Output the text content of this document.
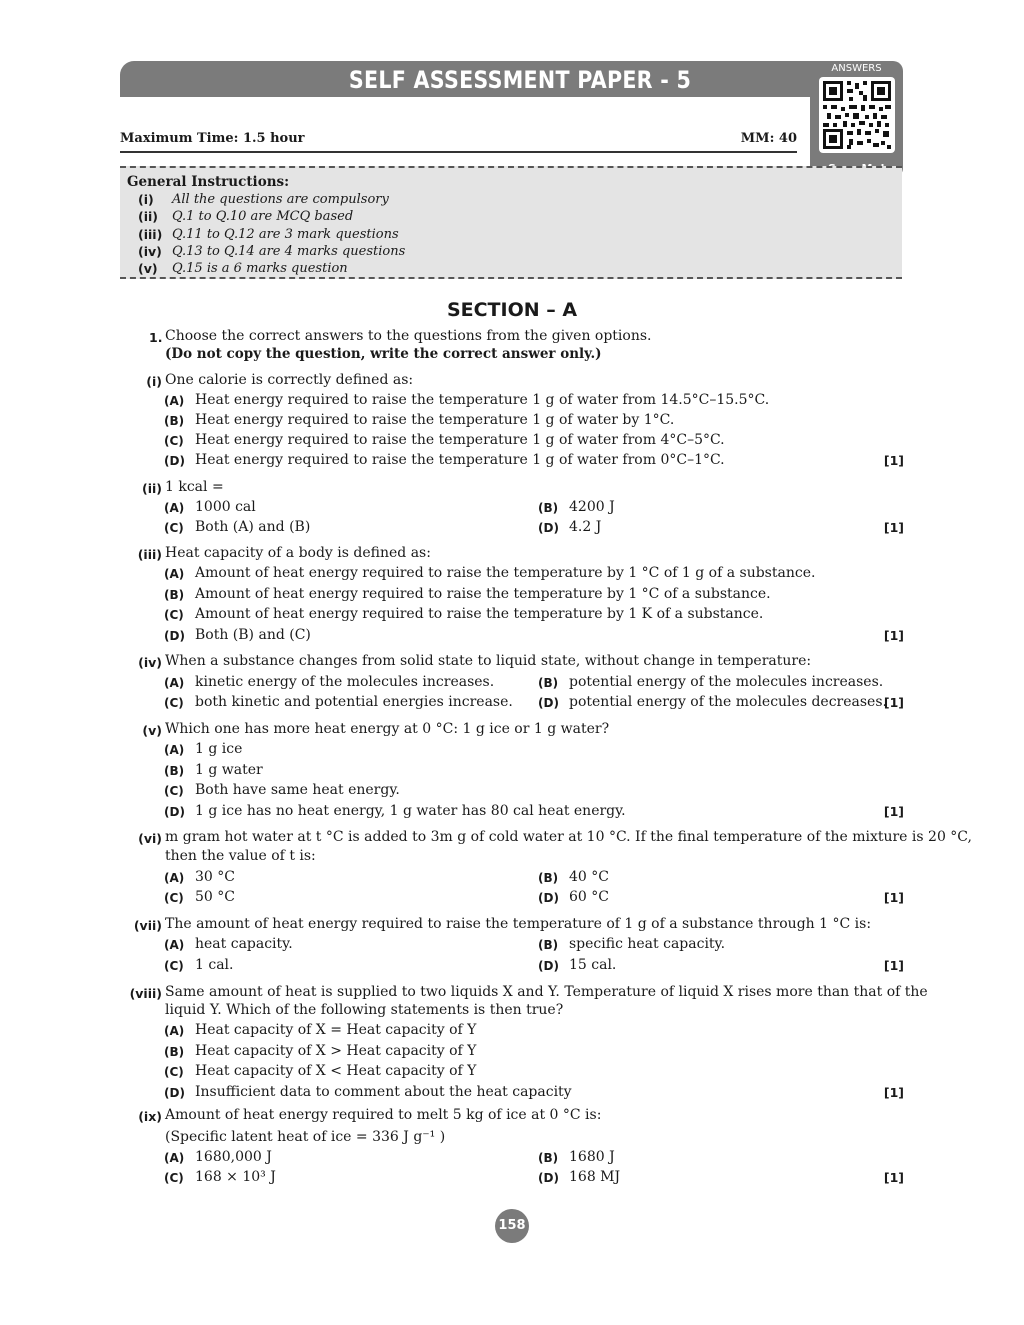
SELF ASSESSMENT PAPER - 5	ANSWERS
Maximum Time: 1.5 hour	MM: 40
General Instructions:
(i) All the questions are compulsory
(ii) Q.1 to Q.10 are MCQ based
(iii) Q.11 to Q.12 are 3 mark questions
(iv) Q.13 to Q.14 are 4 marks questions
(v) Q.15 is a 6 marks question
SECTION – A
1. Choose the correct answers to the questions from the given options.
(Do not copy the question, write the correct answer only.)
(i) One calorie is correctly defined as:
(A) Heat energy required to raise the temperature 1 g of water from 14.5°C–15.5°C.
(B) Heat energy required to raise the temperature 1 g of water by 1°C.
(C) Heat energy required to raise the temperature 1 g of water from 4°C–5°C.
(D) Heat energy required to raise the temperature 1 g of water from 0°C–1°C.	[1]
(ii) 1 kcal =
(A) 1000 cal	(B) 4200 J
(C) Both (A) and (B)	(D) 4.2 J	[1]
(iii) Heat capacity of a body is defined as:
(A) Amount of heat energy required to raise the temperature by 1 °C of 1 g of a substance.
(B) Amount of heat energy required to raise the temperature by 1 °C of a substance.
(C) Amount of heat energy required to raise the temperature by 1 K of a substance.
(D) Both (B) and (C)	[1]
(iv) When a substance changes from solid state to liquid state, without change in temperature:
(A) kinetic energy of the molecules increases.	(B) potential energy of the molecules increases.
(C) both kinetic and potential energies increase. (D) potential energy of the molecules decreases.
[1]
(v) Which one has more heat energy at 0 °C: 1 g ice or 1 g water?
(A) 1 g ice
(B) 1 g water
(C) Both have same heat energy.
(D) 1 g ice has no heat energy, 1 g water has 80 cal heat energy.	[1]
(vi) m gram hot water at t °C is added to 3m g of cold water at 10 °C. If the final temperature of the mixture is 20 °C,
then the value of t is:
(A) 30 °C	(B) 40 °C
(C) 50 °C	(D) 60 °C	[1]
(vii) The amount of heat energy required to raise the temperature of 1 g of a substance through 1 °C is:
(A) heat capacity.	(B) specific heat capacity.
(C) 1 cal.	(D) 15 cal.	[1]
(viii) Same amount of heat is supplied to two liquids X and Y. Temperature of liquid X rises more than that of the
liquid Y. Which of the following statements is then true?
(A) Heat capacity of X = Heat capacity of Y
(B) Heat capacity of X > Heat capacity of Y
(C) Heat capacity of X < Heat capacity of Y
(D) Insufficient data to comment about the heat capacity	[1]
(ix) Amount of heat energy required to melt 5 kg of ice at 0 °C is:
(Specific latent heat of ice = 336 J g⁻¹ )
(A) 1680,000 J	(B) 1680 J
(C) 168 × 10³ J	(D) 168 MJ	[1]
158
